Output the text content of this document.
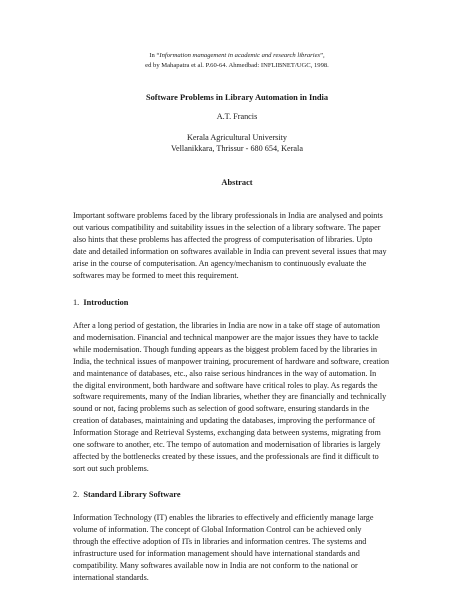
In “Information management in academic and research libraries”,
ed by Mahapatra et al. P.60-64. Ahmedbad: INFLIBNET/UGC, 1998.
Software Problems in Library Automation in India
A.T. Francis
Kerala Agricultural University
Vellanikkara, Thrissur - 680 654, Kerala
Abstract
Important software problems faced by the library professionals in India are analysed and points
out various compatibility and suitability issues in the selection of a library software. The paper
also hints that these problems has affected the progress of computerisation of libraries. Upto
date and detailed information on softwares available in India can prevent several issues that may
arise in the course of computerisation. An agency/mechanism to continuously evaluate the
softwares may be formed to meet this requirement.
1. Introduction
After a long period of gestation, the libraries in India are now in a take off stage of automation
and modernisation. Financial and technical manpower are the major issues they have to tackle
while modernisation. Though funding appears as the biggest problem faced by the libraries in
India, the technical issues of manpower training, procurement of hardware and software, creation
and maintenance of databases, etc., also raise serious hindrances in the way of automation. In
the digital environment, both hardware and software have critical roles to play. As regards the
software requirements, many of the Indian libraries, whether they are financially and technically
sound or not, facing problems such as selection of good software, ensuring standards in the
creation of databases, maintaining and updating the databases, improving the performance of
Information Storage and Retrieval Systems, exchanging data between systems, migrating from
one software to another, etc. The tempo of automation and modernisation of libraries is largely
affected by the bottlenecks created by these issues, and the professionals are find it difficult to
sort out such problems.
2. Standard Library Software
Information Technology (IT) enables the libraries to effectively and efficiently manage large
volume of information. The concept of Global Information Control can be achieved only
through the effective adoption of ITs in libraries and information centres. The systems and
infrastructure used for information management should have international standards and
compatibility. Many softwares available now in India are not conform to the national or
international standards.
